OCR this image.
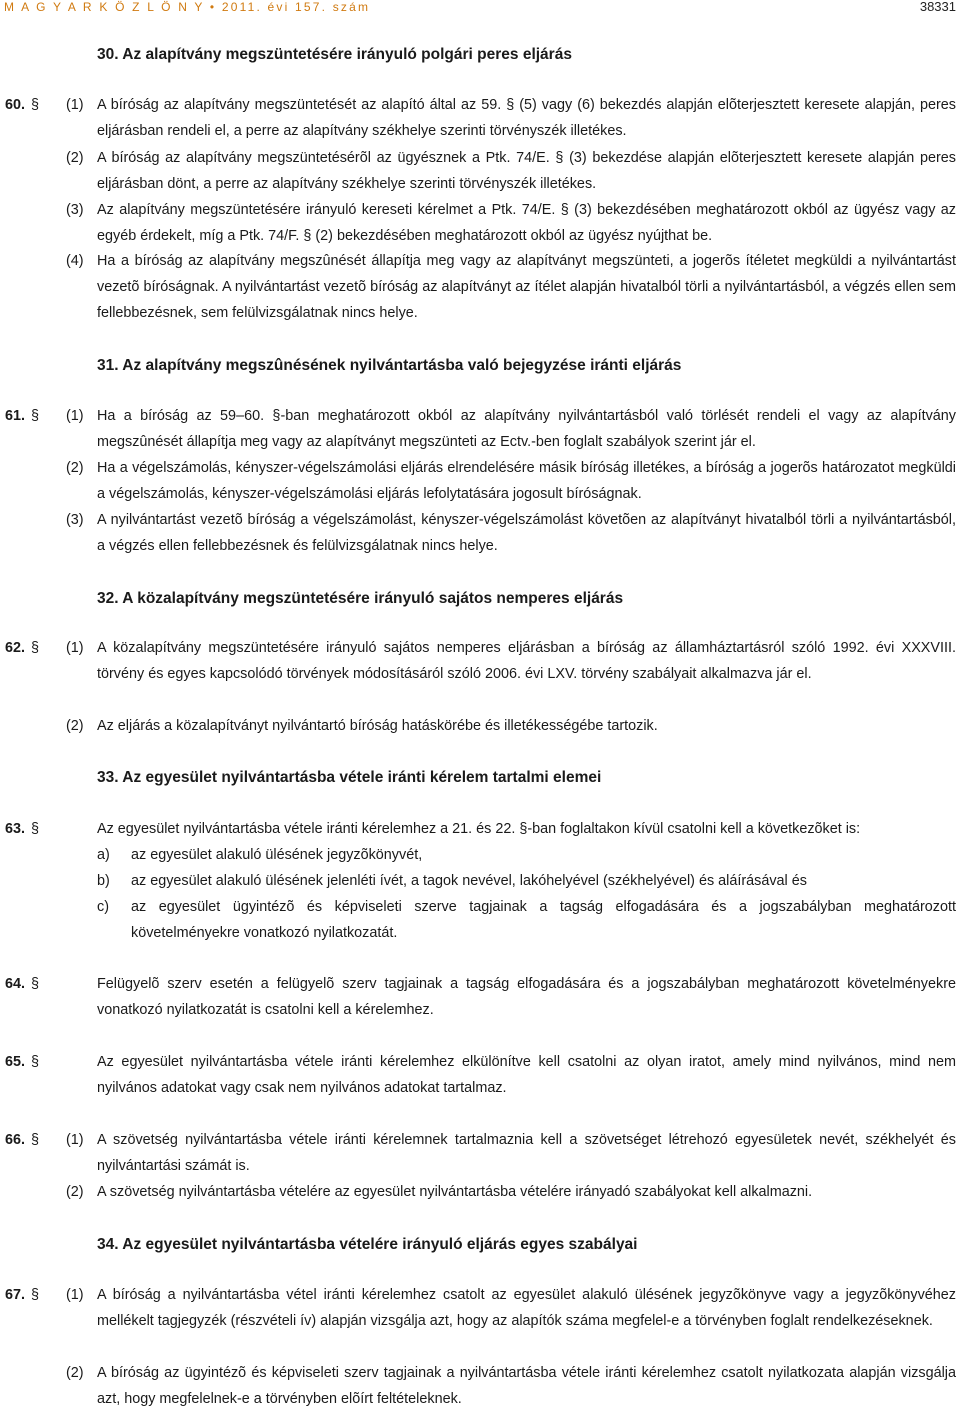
M A G Y A R K Ö Z L Ö N Y • 2011. évi 157. szám	38331
30. Az alapítvány megszüntetésére irányuló polgári peres eljárás
60. § (1) A bíróság az alapítvány megszüntetését az alapító által az 59. § (5) vagy (6) bekezdés alapján elõterjesztett keresete alapján, peres eljárásban rendeli el, a perre az alapítvány székhelye szerinti törvényszék illetékes.
(2) A bíróság az alapítvány megszüntetésérõl az ügyésznek a Ptk. 74/E. § (3) bekezdése alapján elõterjesztett keresete alapján peres eljárásban dönt, a perre az alapítvány székhelye szerinti törvényszék illetékes.
(3) Az alapítvány megszüntetésére irányuló kereseti kérelmet a Ptk. 74/E. § (3) bekezdésében meghatározott okból az ügyész vagy az egyéb érdekelt, míg a Ptk. 74/F. § (2) bekezdésében meghatározott okból az ügyész nyújthat be.
(4) Ha a bíróság az alapítvány megszûnését állapítja meg vagy az alapítványt megszünteti, a jogerõs ítéletet megküldi a nyilvántartást vezetõ bíróságnak. A nyilvántartást vezetõ bíróság az alapítványt az ítélet alapján hivatalból törli a nyilvántartásból, a végzés ellen sem fellebbezésnek, sem felülvizsgálatnak nincs helye.
31. Az alapítvány megszûnésének nyilvántartásba való bejegyzése iránti eljárás
61. § (1) Ha a bíróság az 59–60. §-ban meghatározott okból az alapítvány nyilvántartásból való törlését rendeli el vagy az alapítvány megszûnését állapítja meg vagy az alapítványt megszünteti az Ectv.-ben foglalt szabályok szerint jár el.
(2) Ha a végelszámolás, kényszer-végelszámolási eljárás elrendelésére másik bíróság illetékes, a bíróság a jogerõs határozatot megküldi a végelszámolás, kényszer-végelszámolási eljárás lefolytatására jogosult bíróságnak.
(3) A nyilvántartást vezetõ bíróság a végelszámolást, kényszer-végelszámolást követõen az alapítványt hivatalból törli a nyilvántartásból, a végzés ellen fellebbezésnek és felülvizsgálatnak nincs helye.
32. A közalapítvány megszüntetésére irányuló sajátos nemperes eljárás
62. § (1) A közalapítvány megszüntetésére irányuló sajátos nemperes eljárásban a bíróság az államháztartásról szóló 1992. évi XXXVIII. törvény és egyes kapcsolódó törvények módosításáról szóló 2006. évi LXV. törvény szabályait alkalmazva jár el.
(2) Az eljárás a közalapítványt nyilvántartó bíróság hatáskörébe és illetékességébe tartozik.
33. Az egyesület nyilvántartásba vétele iránti kérelem tartalmi elemei
63. §	Az egyesület nyilvántartásba vétele iránti kérelemhez a 21. és 22. §-ban foglaltakon kívül csatolni kell a következõket is:
a) az egyesület alakuló ülésének jegyzõkönyvét,
b) az egyesület alakuló ülésének jelenléti ívét, a tagok nevével, lakóhelyével (székhelyével) és aláírásával és
c) az egyesület ügyintézõ és képviseleti szerve tagjainak a tagság elfogadására és a jogszabályban meghatározott követelményekre vonatkozó nyilatkozatát.
64. §	Felügyelõ szerv esetén a felügyelõ szerv tagjainak a tagság elfogadására és a jogszabályban meghatározott követelményekre vonatkozó nyilatkozatát is csatolni kell a kérelemhez.
65. §	Az egyesület nyilvántartásba vétele iránti kérelemhez elkülönítve kell csatolni az olyan iratot, amely mind nyilvános, mind nem nyilvános adatokat vagy csak nem nyilvános adatokat tartalmaz.
66. § (1) A szövetség nyilvántartásba vétele iránti kérelemnek tartalmaznia kell a szövetséget létrehozó egyesületek nevét, székhelyét és nyilvántartási számát is.
(2) A szövetség nyilvántartásba vételére az egyesület nyilvántartásba vételére irányadó szabályokat kell alkalmazni.
34. Az egyesület nyilvántartásba vételére irányuló eljárás egyes szabályai
67. § (1) A bíróság a nyilvántartásba vétel iránti kérelemhez csatolt az egyesület alakuló ülésének jegyzõkönyve vagy a jegyzõkönyvéhez mellékelt tagjegyzék (részvételi ív) alapján vizsgálja azt, hogy az alapítók száma megfelel-e a törvényben foglalt rendelkezéseknek.
(2) A bíróság az ügyintézõ és képviseleti szerv tagjainak a nyilvántartásba vétele iránti kérelemhez csatolt nyilatkozata alapján vizsgálja azt, hogy megfelelnek-e a törvényben elõírt feltételeknek.
